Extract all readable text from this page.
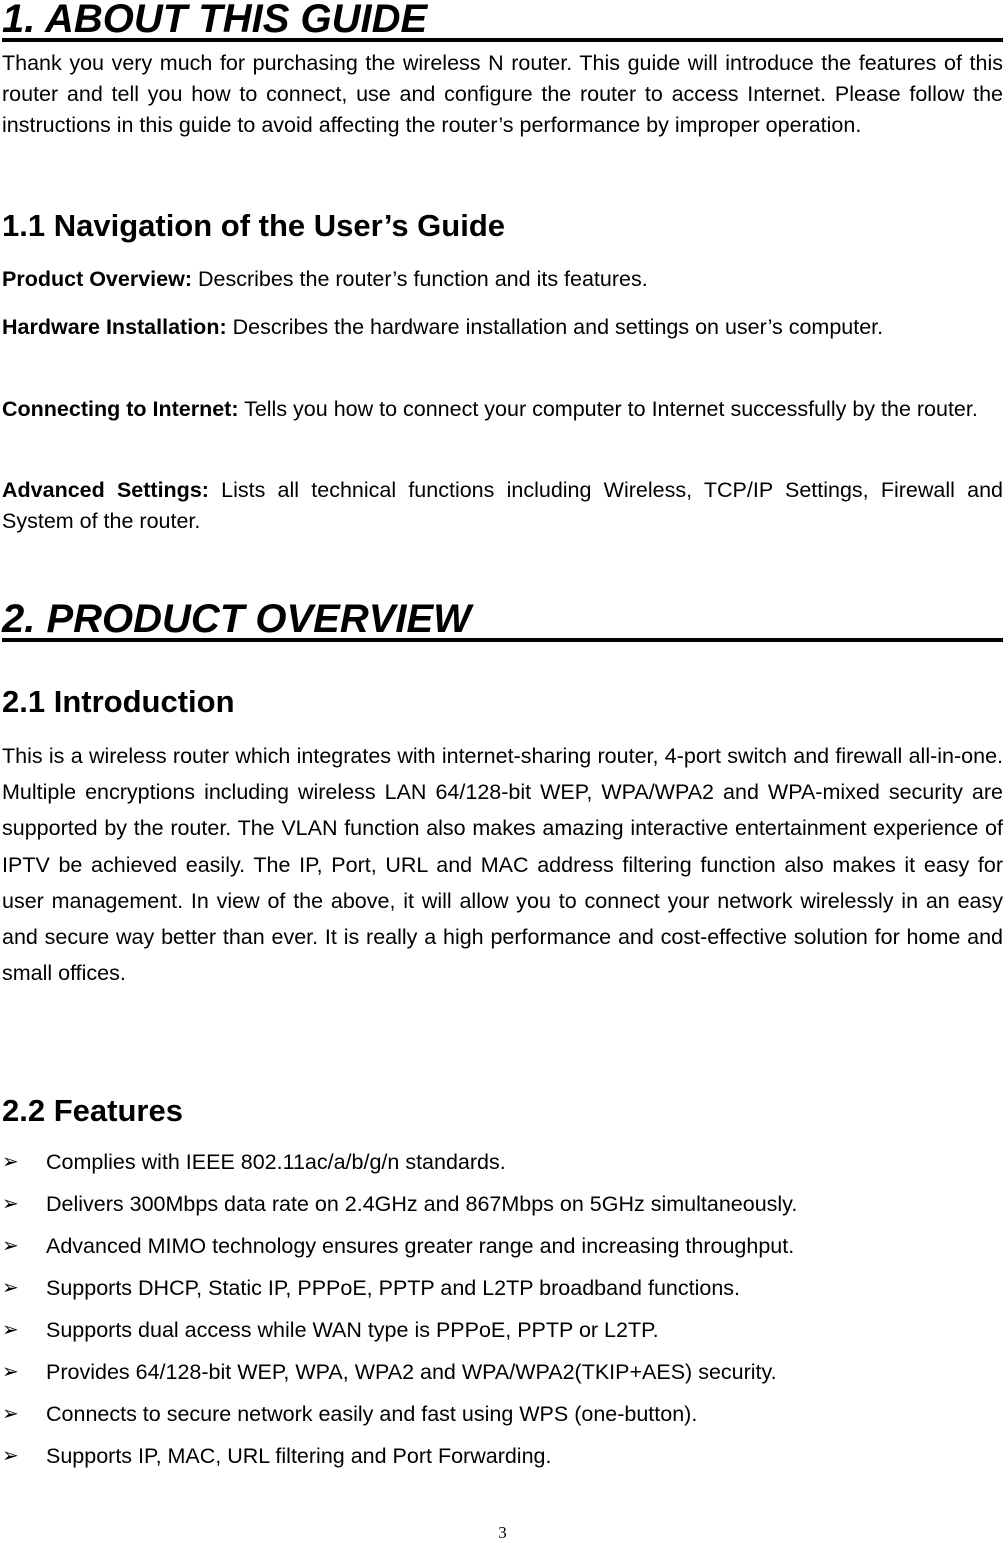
1. ABOUT THIS GUIDE

Thank you very much for purchasing the wireless N router. This guide will introduce the features of this router and tell you how to connect, use and configure the router to access Internet. Please follow the instructions in this guide to avoid affecting the router’s performance by improper operation.

1.1 Navigation of the User’s Guide

Product Overview: Describes the router’s function and its features.

Hardware Installation: Describes the hardware installation and settings on user’s computer.

Connecting to Internet: Tells you how to connect your computer to Internet successfully by the router.

Advanced Settings: Lists all technical functions including Wireless, TCP/IP Settings, Firewall and System of the router.

2. PRODUCT OVERVIEW
2.1 Introduction

This is a wireless router which integrates with internet-sharing router, 4-port switch and firewall all-in-one. Multiple encryptions including wireless LAN 64/128-bit WEP, WPA/WPA2 and WPA-mixed security are supported by the router. The VLAN function also makes amazing interactive entertainment experience of IPTV be achieved easily. The IP, Port, URL and MAC address filtering function also makes it easy for user management. In view of the above, it will allow you to connect your network wirelessly in an easy and secure way better than ever. It is really a high performance and cost-effective solution for home and small offices.

2.2 Features
➢	Complies with IEEE 802.11ac/a/b/g/n standards.
➢	Delivers 300Mbps data rate on 2.4GHz and 867Mbps on 5GHz simultaneously.
➢	Advanced MIMO technology ensures greater range and increasing throughput.
➢	Supports DHCP, Static IP, PPPoE, PPTP and L2TP broadband functions.
➢	Supports dual access while WAN type is PPPoE, PPTP or L2TP.
➢	Provides 64/128-bit WEP, WPA, WPA2 and WPA/WPA2(TKIP+AES) security.
➢	Connects to secure network easily and fast using WPS (one-button).
➢	Supports IP, MAC, URL filtering and Port Forwarding.
3
